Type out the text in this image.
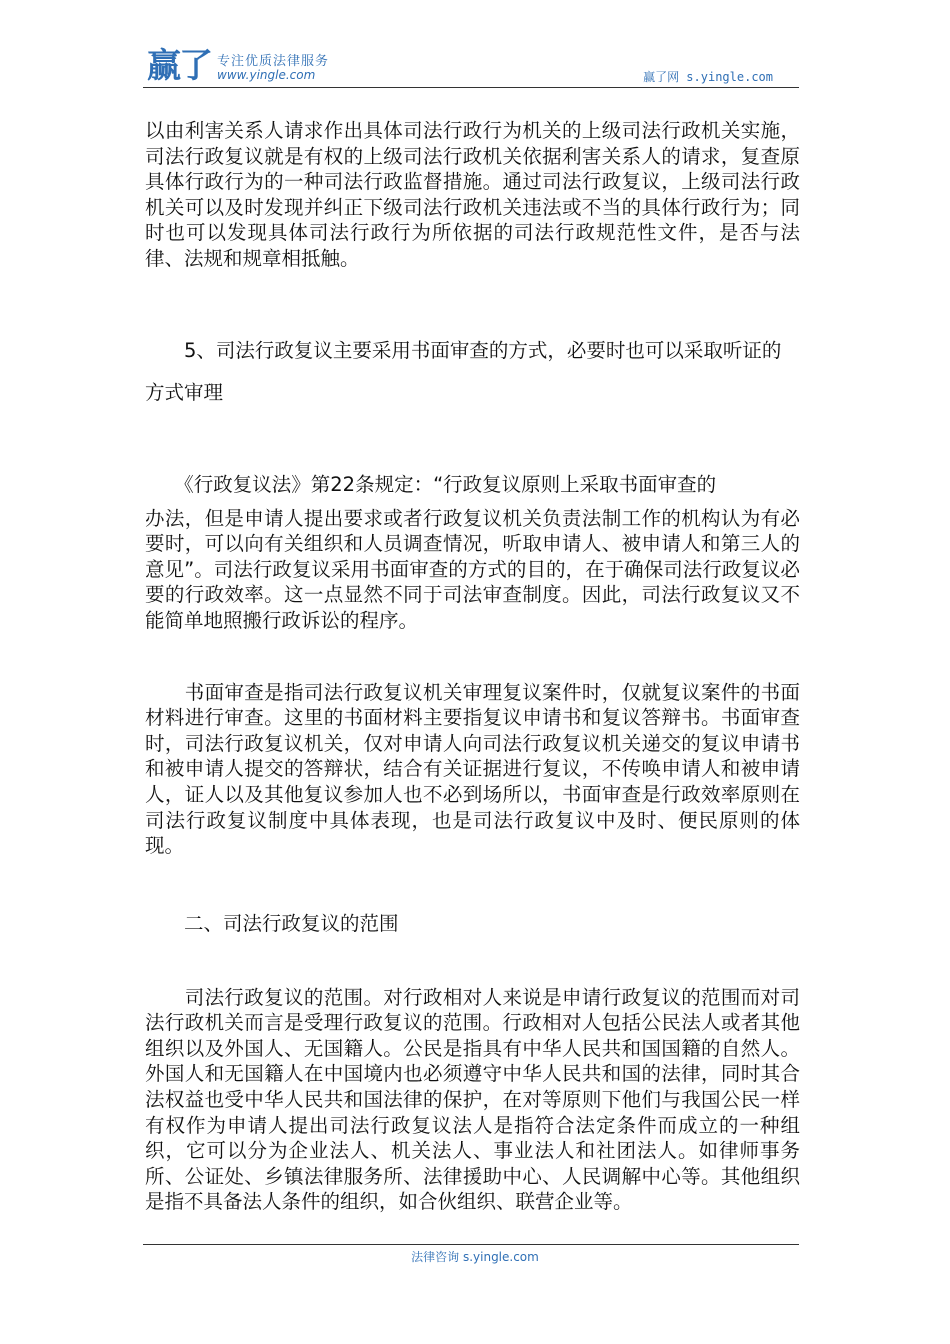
赢了 专注优质法律服务
www.yingle.com	赢了网 s.yingle.com

以由利害关系人请求作出具体司法行政行为机关的上级司法行政机关实施，司法行政复议就是有权的上级司法行政机关依据利害关系人的请求，复查原具体行政行为的一种司法行政监督措施。通过司法行政复议，上级司法行政机关可以及时发现并纠正下级司法行政机关违法或不当的具体行政行为；同时也可以发现具体司法行政行为所依据的司法行政规范性文件，是否与法律、法规和规章相抵触。

　　5、司法行政复议主要采用书面审查的方式，必要时也可以采取听证的方式审理

　　《行政复议法》第22条规定：“行政复议原则上采取书面审查的

办法，但是申请人提出要求或者行政复议机关负责法制工作的机构认为有必要时，可以向有关组织和人员调查情况，听取申请人、被申请人和第三人的意见”。司法行政复议采用书面审查的方式的目的，在于确保司法行政复议必要的行政效率。这一点显然不同于司法审查制度。因此，司法行政复议又不能简单地照搬行政诉讼的程序。

　　书面审查是指司法行政复议机关审理复议案件时，仅就复议案件的书面材料进行审查。这里的书面材料主要指复议申请书和复议答辩书。书面审查时，司法行政复议机关，仅对申请人向司法行政复议机关递交的复议申请书和被申请人提交的答辩状，结合有关证据进行复议，不传唤申请人和被申请人，证人以及其他复议参加人也不必到场所以，书面审查是行政效率原则在司法行政复议制度中具体表现，也是司法行政复议中及时、便民原则的体现。

　　二、司法行政复议的范围

　　司法行政复议的范围。对行政相对人来说是申请行政复议的范围而对司法行政机关而言是受理行政复议的范围。行政相对人包括公民法人或者其他组织以及外国人、无国籍人。公民是指具有中华人民共和国国籍的自然人。外国人和无国籍人在中国境内也必须遵守中华人民共和国的法律，同时其合法权益也受中华人民共和国法律的保护，在对等原则下他们与我国公民一样有权作为申请人提出司法行政复议法人是指符合法定条件而成立的一种组织，它可以分为企业法人、机关法人、事业法人和社团法人。如律师事务所、公证处、乡镇法律服务所、法律援助中心、人民调解中心等。其他组织是指不具备法人条件的组织，如合伙组织、联营企业等。

法律咨询 s.yingle.com
